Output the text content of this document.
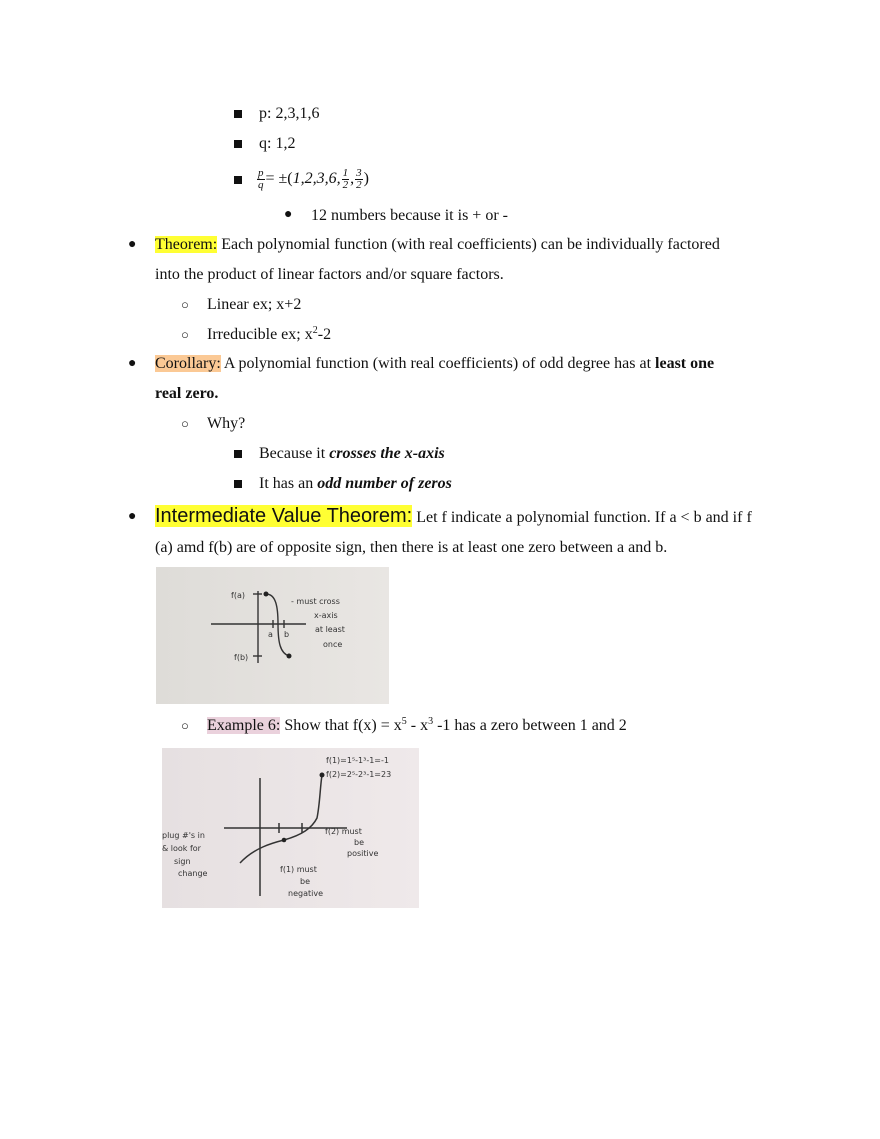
p: 2,3,1,6
q: 1,2
$\frac{p}{q} = \pm(1,2,3,6$, $\frac{1}{2}$ , $\frac{3}{2}$ )
● 12 numbers because it is + or -
● Theorem: Each polynomial function (with real coefficients) can be individually factored
into the product of linear factors and/or square factors.
○ Linear ex; x+2
○ Irreducible ex; $x^2-2$
● Corollary: A polynomial function (with real coefficients) of odd degree has at least one
real zero.
○ Why?
Because it crosses the x-axis
It has an odd number of zeros
● Intermediate Value Theorem: Let f indicate a polynomial function. If a < b and if f
(a) amd f(b) are of opposite sign, then there is at least one zero between a and b.
f(a)
f(b)
a b
- must cross
x-axis
at least
once
○ Example 6: Show that $f(x) = x^5 - x^3$ -1 has a zero between 1 and 2
f(1)=1⁵-1³-1=-1
f(2)=2⁵-2³-1=23
plug #'s in
& look for
sign
change
f(2) must
be
positive
f(1) must
be
negative
